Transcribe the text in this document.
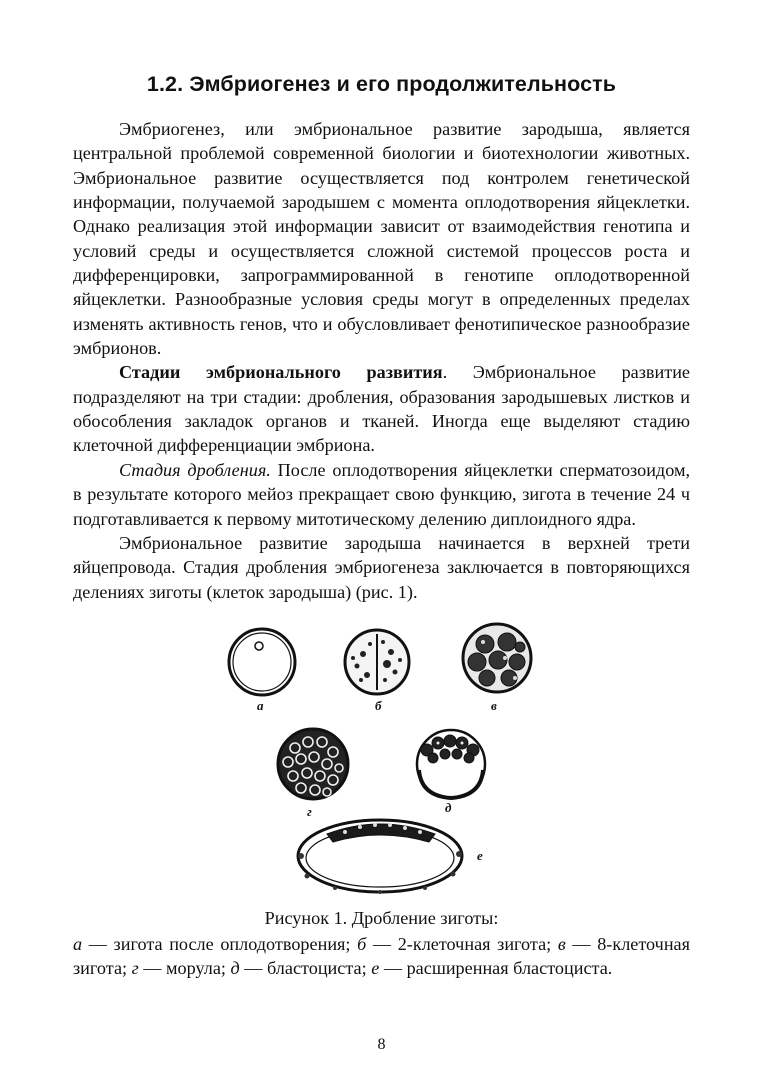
1.2. Эмбриогенез и его продолжительность

Эмбриогенез, или эмбриональное развитие зародыша, является центральной проблемой современной биологии и биотехнологии животных. Эмбриональное развитие осуществляется под контролем генетической информации, получаемой зародышем с момента оплодотворения яйцеклетки. Однако реализация этой информации зависит от взаимодействия генотипа и условий среды и осуществляется сложной системой процессов роста и дифференцировки, запрограммированной в генотипе оплодотворенной яйцеклетки. Разнообразные условия среды могут в определенных пределах изменять активность генов, что и обусловливает фенотипическое разнообразие эмбрионов.

Стадии эмбрионального развития. Эмбриональное развитие подразделяют на три стадии: дробления, образования зародышевых листков и обособления закладок органов и тканей. Иногда еще выделяют стадию клеточной дифференциации эмбриона.

Стадия дробления. После оплодотворения яйцеклетки сперматозоидом, в результате которого мейоз прекращает свою функцию, зигота в течение 24 ч подготавливается к первому митотическому делению диплоидного ядра.

Эмбриональное развитие зародыша начинается в верхней трети яйцепровода. Стадия дробления эмбриогенеза заключается в повторяющихся делениях зиготы (клеток зародыша) (рис. 1).

а	б	в
г	д
е
Рисунок 1. Дробление зиготы:
а — зигота после оплодотворения; б — 2-клеточная зигота; в — 8-клеточная зигота; г — морула; д — бластоциста; е — расширенная бластоциста.
8
